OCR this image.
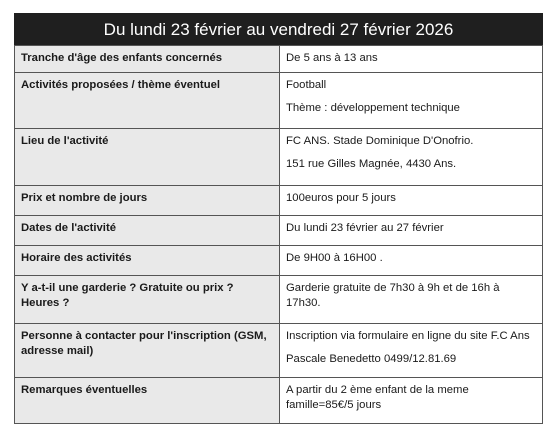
Du lundi 23 février au vendredi 27 février 2026
Tranche d'âge des enfants concernés	De 5 ans à 13 ans

Activités proposées / thème éventuel	Football
Thème : développement technique

Lieu de l'activité	FC ANS. Stade Dominique D'Onofrio.
151 rue Gilles Magnée, 4430 Ans.

Prix et nombre de jours	100euros pour 5 jours

Dates de l'activité	Du lundi 23 février au 27 février

Horaire des activités	De 9H00 à 16H00 .

Y a-t-il une garderie ? Gratuite ou prix ? Heures ?	Garderie gratuite de 7h30 à 9h et de 16h à 17h30.

Personne à contacter pour l'inscription (GSM, adresse mail)	Inscription via formulaire en ligne du site F.C Ans
Pascale Benedetto 0499/12.81.69

Remarques éventuelles	A partir du 2 ème enfant de la meme famille=85€/5 jours
